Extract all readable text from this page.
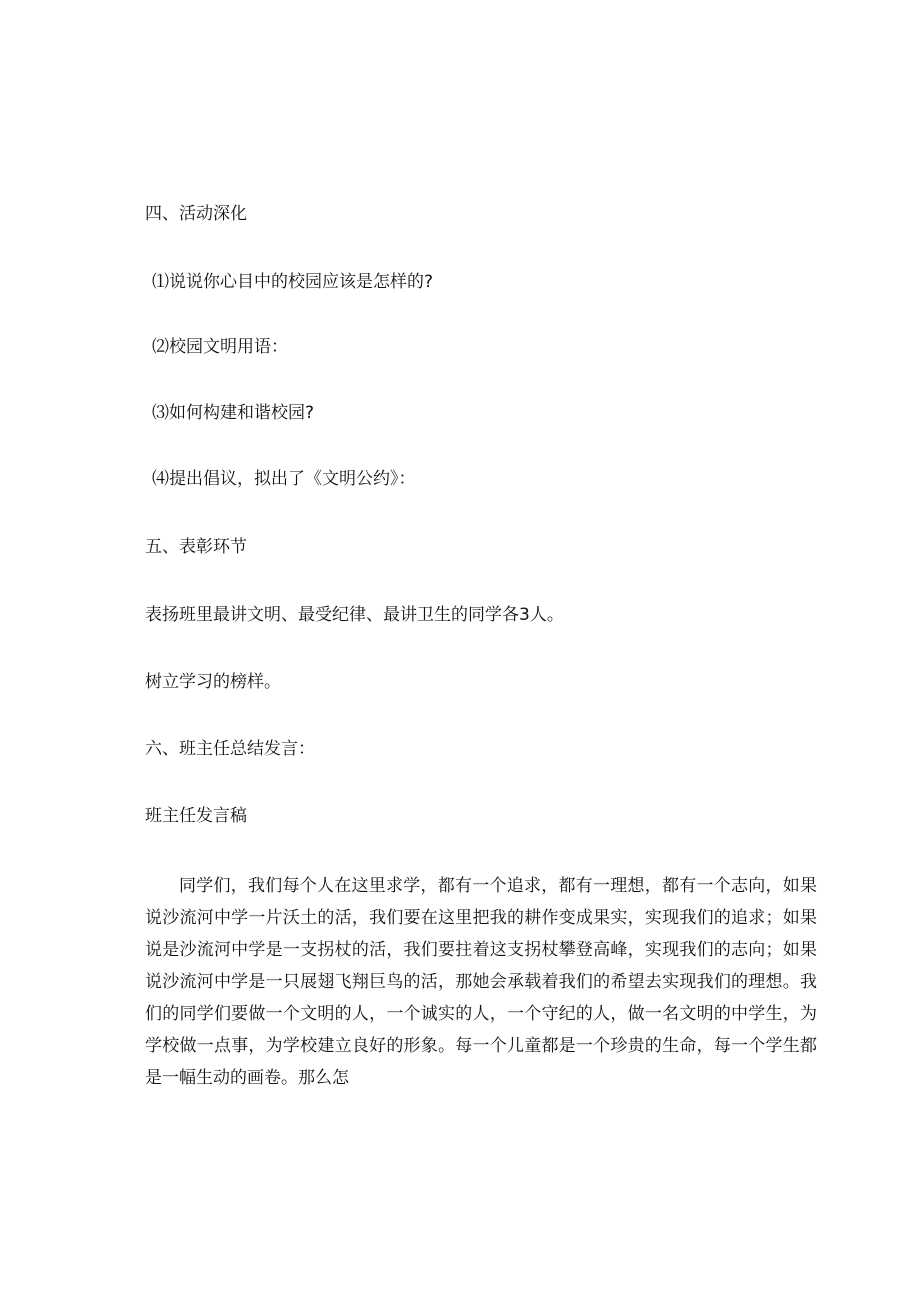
四、活动深化
⑴说说你心目中的校园应该是怎样的?
⑵校园文明用语：
⑶如何构建和谐校园?
⑷提出倡议，拟出了《文明公约》：
五、表彰环节
表扬班里最讲文明、最受纪律、最讲卫生的同学各3人。
树立学习的榜样。
六、班主任总结发言：
班主任发言稿
同学们，我们每个人在这里求学，都有一个追求，都有一理想，都有一个志向，如果说沙流河中学一片沃土的活，我们要在这里把我的耕作变成果实，实现我们的追求；如果说是沙流河中学是一支拐杖的活，我们要拄着这支拐杖攀登高峰，实现我们的志向；如果说沙流河中学是一只展翅飞翔巨鸟的活，那她会承载着我们的希望去实现我们的理想。我们的同学们要做一个文明的人，一个诚实的人，一个守纪的人，做一名文明的中学生，为学校做一点事，为学校建立良好的形象。每一个儿童都是一个珍贵的生命，每一个学生都是一幅生动的画卷。那么怎
